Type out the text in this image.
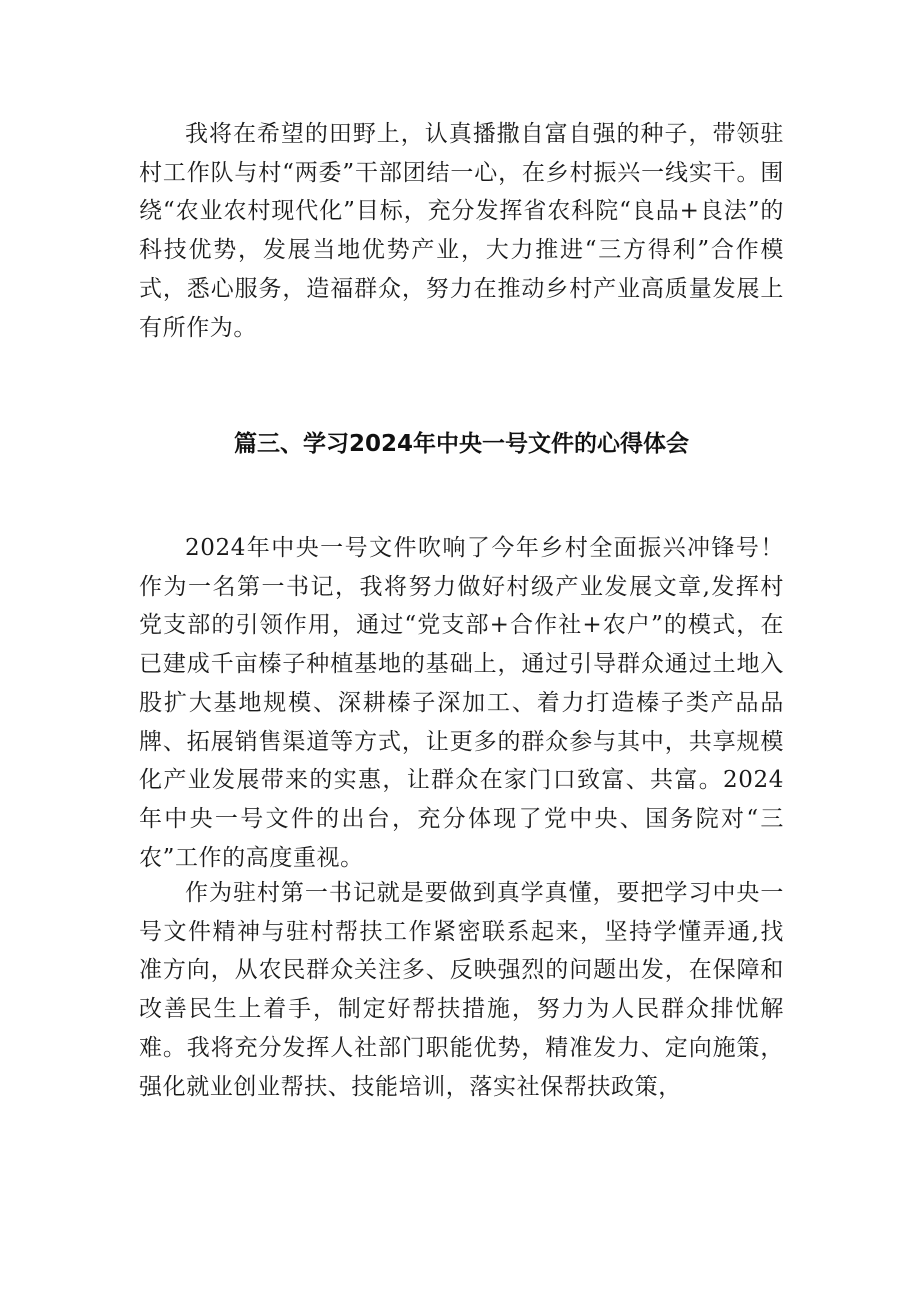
我将在希望的田野上，认真播撒自富自强的种子，带领驻村工作队与村“两委”干部团结一心，在乡村振兴一线实干。围绕“农业农村现代化”目标，充分发挥省农科院“良品+良法”的科技优势，发展当地优势产业，大力推进“三方得利”合作模式，悉心服务，造福群众，努力在推动乡村产业高质量发展上有所作为。

篇三、学习2024年中央一号文件的心得体会

2024年中央一号文件吹响了今年乡村全面振兴冲锋号！作为一名第一书记，我将努力做好村级产业发展文章,发挥村党支部的引领作用，通过“党支部+合作社+农户”的模式，在已建成千亩榛子种植基地的基础上，通过引导群众通过土地入股扩大基地规模、深耕榛子深加工、着力打造榛子类产品品牌、拓展销售渠道等方式，让更多的群众参与其中，共享规模化产业发展带来的实惠，让群众在家门口致富、共富。2024年中央一号文件的出台，充分体现了党中央、国务院对“三农”工作的高度重视。

作为驻村第一书记就是要做到真学真懂，要把学习中央一号文件精神与驻村帮扶工作紧密联系起来，坚持学懂弄通,找准方向，从农民群众关注多、反映强烈的问题出发，在保障和改善民生上着手，制定好帮扶措施，努力为人民群众排忧解难。我将充分发挥人社部门职能优势，精准发力、定向施策，强化就业创业帮扶、技能培训，落实社保帮扶政策，
